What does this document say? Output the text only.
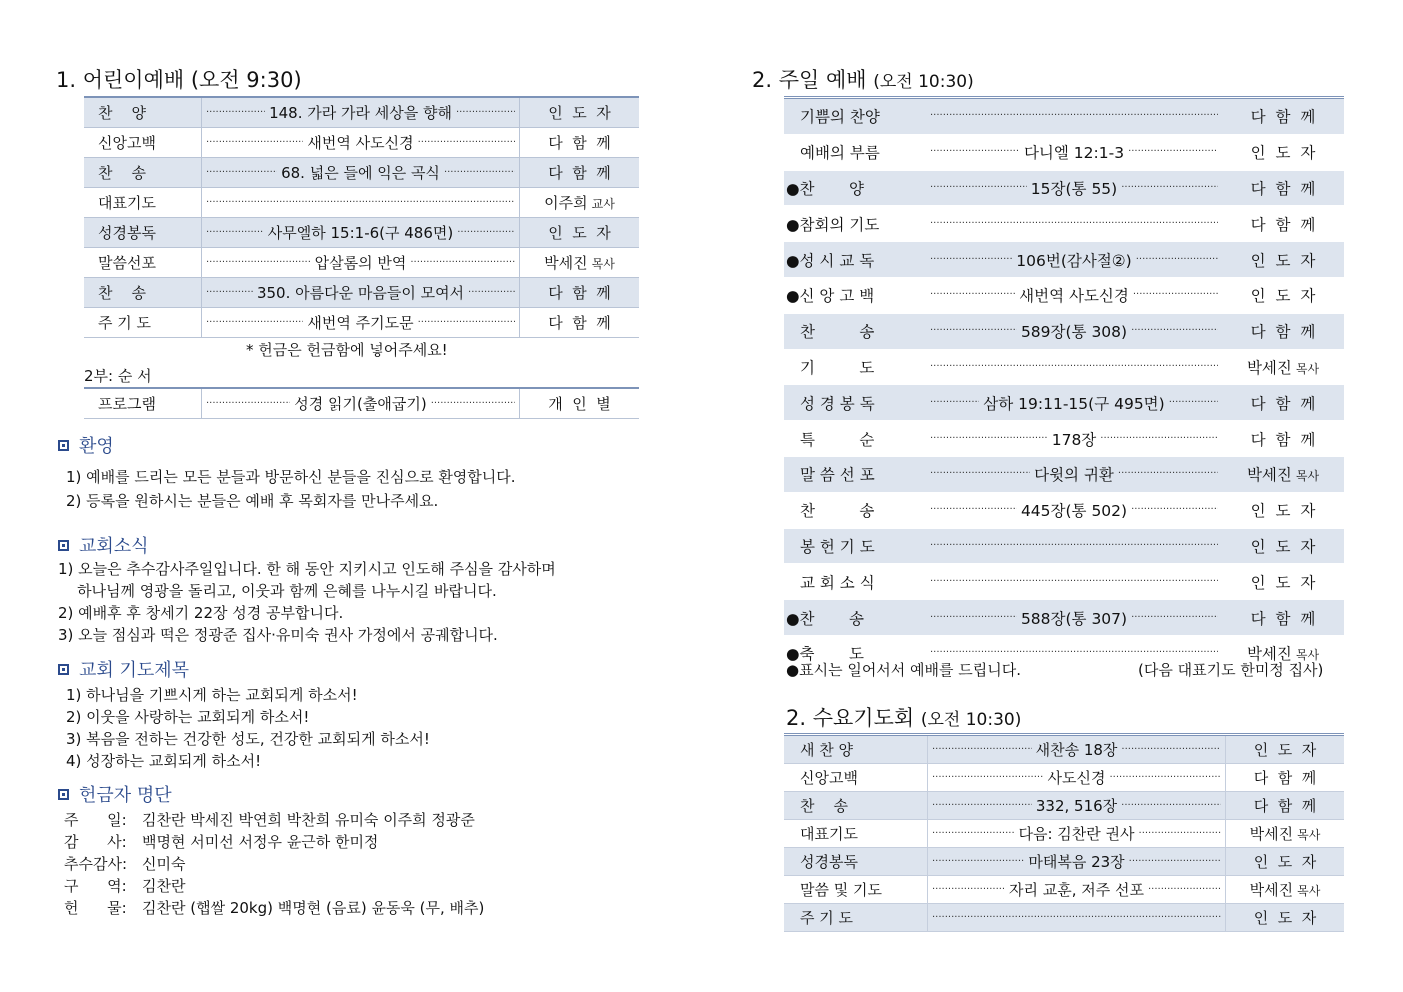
1. 어린이예배 (오전 9:30)
찬    양 ····· ·····	148. 가라 가라 세상을 향해 ····· ·····	인  도  자
신앙고백 ····· ·····	새번역 사도신경 ····· ·····	다  함  께
찬    송 ····· ·····	68. 넓은 들에 익은 곡식 ····· ·····	다  함  께
대표기도 ····· ·····	이주희 교사
성경봉독 ····· ·····	사무엘하 15:1-6(구 486면) ····· ·····	인  도  자
말씀선포 ····· ·····	압살롬의 반역 ····· ·····	박세진 목사
찬    송 ····· ·····	350. 아름다운 마음들이 모여서 ····· ·····	다  함  께
주 기 도 ····· ·····	새번역 주기도문 ····· ·····	다  함  께
* 헌금은 헌금함에 넣어주세요!
2부: 순 서
프로그램 ····· ·····	성경 읽기(출애굽기) ····· ·····	개  인  별
환영
1) 예배를 드리는 모든 분들과 방문하신 분들을 진심으로 환영합니다.
2) 등록을 원하시는 분들은 예배 후 목회자를 만나주세요.
교회소식
1) 오늘은 추수감사주일입니다. 한 해 동안 지키시고 인도해 주심을 감사하며
하나님께 영광을 돌리고, 이웃과 함께 은혜를 나누시길 바랍니다.
2) 예배후 후 창세기 22장 성경 공부합니다.
3) 오늘 점심과 떡은 정광준 집사·유미숙 권사 가정에서 공궤합니다.
교회 기도제목
1) 하나님을 기쁘시게 하는 교회되게 하소서!
2) 이웃을 사랑하는 교회되게 하소서!
3) 복음을 전하는 건강한 성도, 건강한 교회되게 하소서!
4) 성장하는 교회되게 하소서!
헌금자 명단
주      일: 김찬란 박세진 박연희 박찬희 유미숙 이주희 정광준
감      사: 백명현 서미선 서정우 윤근하 한미정
추수감사: 신미숙
구      역: 김찬란
헌      물: 김찬란 (햅쌀 20kg) 백명현 (음료) 윤동욱 (무, 배추)
2. 주일 예배 (오전 10:30)
기쁨의 찬양 ····· ·····	다  함  께
예배의 부름 ····· ·····	다니엘 12:1-3 ····· ·····	인  도  자
●찬       양 ····· ·····	15장(통 55) ····· ·····	다  함  께
●참회의 기도 ····· ·····	다  함  께
●성 시 교 독 ····· ·····	106번(감사절②) ····· ·····	인  도  자
●신 앙 고 백 ····· ·····	새번역 사도신경 ····· ·····	인  도  자
찬         송 ····· ·····	589장(통 308) ····· ·····	다  함  께
기         도 ····· ·····	박세진 목사
성 경 봉 독 ····· ·····	삼하 19:11-15(구 495면) ····· ·····	다  함  께
특         순 ····· ·····	178장 ····· ·····	다  함  께
말 씀 선 포 ····· ·····	다윗의 귀환 ····· ·····	박세진 목사
찬         송 ····· ·····	445장(통 502) ····· ·····	인  도  자
봉 헌 기 도 ····· ·····	인  도  자
교 회 소 식 ····· ·····	인  도  자
●찬       송 ····· ·····	588장(통 307) ····· ·····	다  함  께
●축       도 ····· ·····	박세진 목사
●표시는 일어서서 예배를 드립니다.	(다음 대표기도 한미정 집사)
2. 수요기도회 (오전 10:30)
새 찬 양 ····· ·····	새찬송 18장 ····· ·····	인  도  자
신앙고백 ····· ·····	사도신경 ····· ·····	다  함  께
찬    송 ····· ·····	332, 516장 ····· ·····	다  함  께
대표기도 ····· ·····	다음: 김찬란 권사 ····· ·····	박세진 목사
성경봉독 ····· ·····	마태복음 23장 ····· ·····	인  도  자
말씀 및 기도 ····· ·····	자리 교훈, 저주 선포 ····· ·····	박세진 목사
주 기 도 ····· ·····	인  도  자
